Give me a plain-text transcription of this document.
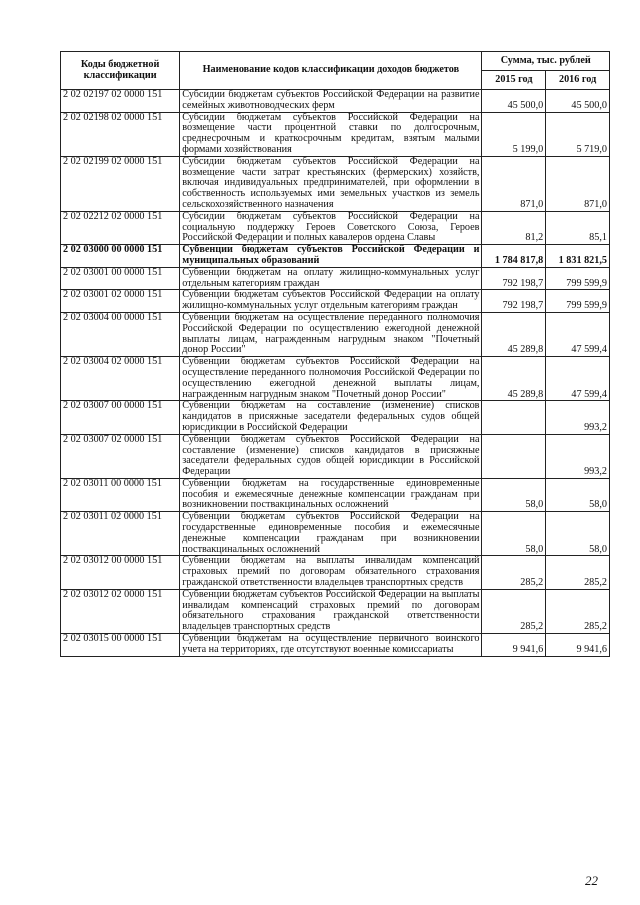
Коды бюджетной классификации	Наименование кодов классификации доходов бюджетов	Сумма, тыс. рублей	
		2015 год	2016 год
2 02 02197 02 0000 151	Субсидии бюджетам субъектов Российской Федерации на развитие семейных животноводческих ферм	45 500,0	45 500,0
2 02 02198 02 0000 151	Субсидии бюджетам субъектов Российской Федерации на возмещение части процентной ставки по долгосрочным, среднесрочным и краткосрочным кредитам, взятым малыми формами хозяйствования	5 199,0	5 719,0
2 02 02199 02 0000 151	Субсидии бюджетам субъектов Российской Федерации на возмещение части затрат крестьянских (фермерских) хозяйств, включая индивидуальных предпринимателей, при оформлении в собственность используемых ими земельных участков из земель сельскохозяйственного назначения	871,0	871,0
2 02 02212 02 0000 151	Субсидии бюджетам субъектов Российской Федерации на социальную поддержку Героев Советского Союза, Героев Российской Федерации и полных кавалеров ордена Славы	81,2	85,1
2 02 03000 00 0000 151	Субвенции бюджетам субъектов Российской Федерации и муниципальных образований	1 784 817,8	1 831 821,5
2 02 03001 00 0000 151	Субвенции бюджетам на оплату жилищно-коммунальных услуг отдельным категориям граждан	792 198,7	799 599,9
2 02 03001 02 0000 151	Субвенции бюджетам субъектов Российской Федерации на оплату жилищно-коммунальных услуг отдельным категориям граждан	792 198,7	799 599,9
2 02 03004 00 0000 151	Субвенции бюджетам на осуществление переданного полномочия Российской Федерации по осуществлению ежегодной денежной выплаты лицам, награжденным нагрудным знаком "Почетный донор России"	45 289,8	47 599,4
2 02 03004 02 0000 151	Субвенции бюджетам субъектов Российской Федерации на осуществление переданного полномочия Российской Федерации по осуществлению ежегодной денежной выплаты лицам, награжденным нагрудным знаком "Почетный донор России"	45 289,8	47 599,4
2 02 03007 00 0000 151	Субвенции бюджетам на составление (изменение) списков кандидатов в присяжные заседатели федеральных судов общей юрисдикции в Российской Федерации		993,2
2 02 03007 02 0000 151	Субвенции бюджетам субъектов Российской Федерации на составление (изменение) списков кандидатов в присяжные заседатели федеральных судов общей юрисдикции в Российской Федерации		993,2
2 02 03011 00 0000 151	Субвенции бюджетам на государственные единовременные пособия и ежемесячные денежные компенсации гражданам при возникновении поствакцинальных осложнений	58,0	58,0
2 02 03011 02 0000 151	Субвенции бюджетам субъектов Российской Федерации на государственные единовременные пособия и ежемесячные денежные компенсации гражданам при возникновении поствакцинальных осложнений	58,0	58,0
2 02 03012 00 0000 151	Субвенции бюджетам на выплаты инвалидам компенсаций страховых премий по договорам обязательного страхования гражданской ответственности владельцев транспортных средств	285,2	285,2
2 02 03012 02 0000 151	Субвенции бюджетам субъектов Российской Федерации на выплаты инвалидам компенсаций страховых премий по договорам обязательного страхования гражданской ответственности владельцев транспортных средств	285,2	285,2
2 02 03015 00 0000 151	Субвенции бюджетам на осуществление первичного воинского учета на территориях, где отсутствуют военные комиссариаты	9 941,6	9 941,6
22
